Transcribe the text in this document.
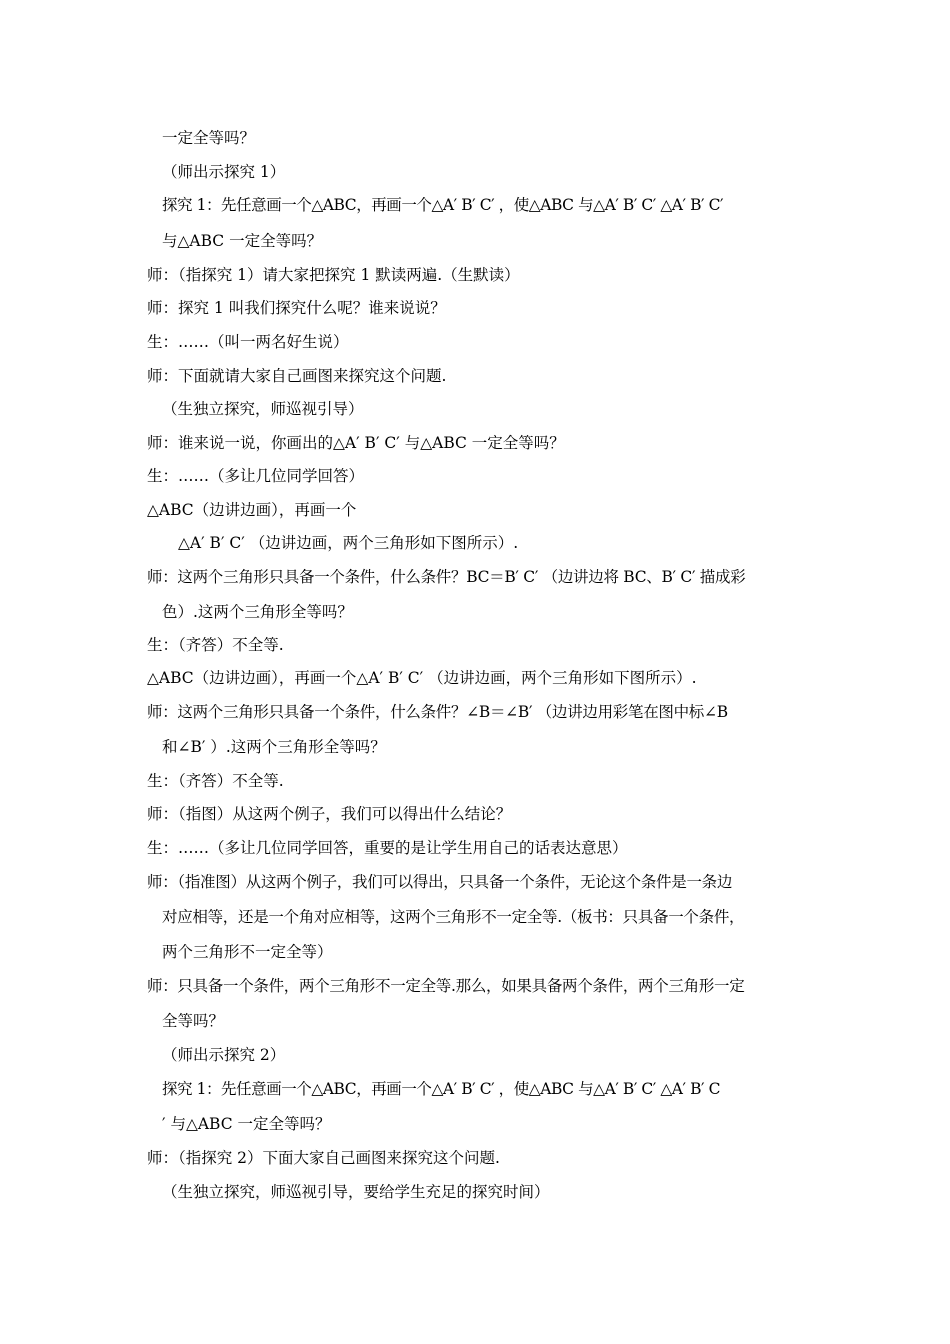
一定全等吗？
（师出示探究 1）
探究 1：先任意画一个△ABC，再画一个△A′ B′ C′ ，使△ABC 与△A′ B′ C′ △A′ B′ C′
与△ABC 一定全等吗？
师：（指探究 1）请大家把探究 1 默读两遍.（生默读）
师：探究 1 叫我们探究什么呢？谁来说说？
生：……（叫一两名好生说）
师：下面就请大家自己画图来探究这个问题.
（生独立探究，师巡视引导）
师：谁来说一说，你画出的△A′ B′ C′ 与△ABC 一定全等吗？
生：……（多让几位同学回答）
△ABC（边讲边画），再画一个
△A′ B′ C′ （边讲边画，两个三角形如下图所示）.
师：这两个三角形只具备一个条件，什么条件？BC＝B′ C′ （边讲边将 BC、B′ C′ 描成彩
色）.这两个三角形全等吗？
生：（齐答）不全等.
△ABC（边讲边画），再画一个△A′ B′ C′ （边讲边画，两个三角形如下图所示）.
师：这两个三角形只具备一个条件，什么条件？∠B＝∠B′ （边讲边用彩笔在图中标∠B
和∠B′ ）.这两个三角形全等吗？
生：（齐答）不全等.
师：（指图）从这两个例子，我们可以得出什么结论？
生：……（多让几位同学回答，重要的是让学生用自己的话表达意思）
师：（指准图）从这两个例子，我们可以得出，只具备一个条件，无论这个条件是一条边
对应相等，还是一个角对应相等，这两个三角形不一定全等.（板书：只具备一个条件，
两个三角形不一定全等）
师：只具备一个条件，两个三角形不一定全等.那么，如果具备两个条件，两个三角形一定
全等吗？
（师出示探究 2）
探究 1：先任意画一个△ABC，再画一个△A′ B′ C′ ，使△ABC 与△A′ B′ C′ △A′ B′ C
′ 与△ABC 一定全等吗？
师：（指探究 2）下面大家自己画图来探究这个问题.
（生独立探究，师巡视引导，要给学生充足的探究时间）
